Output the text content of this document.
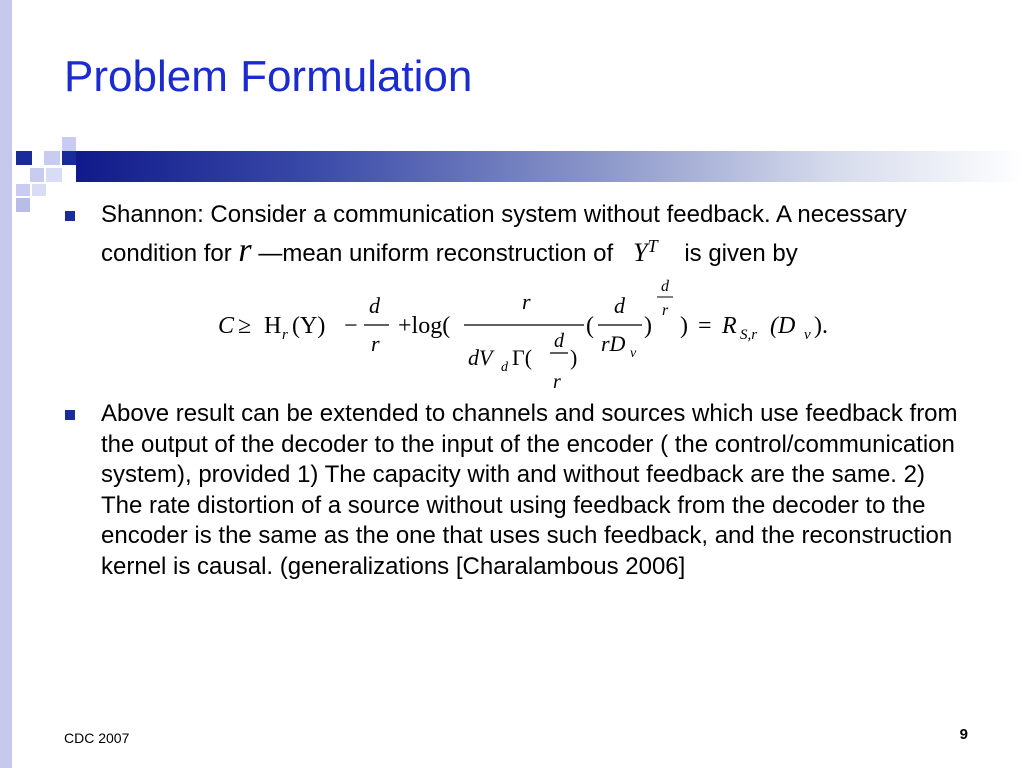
Problem Formulation
Shannon: Consider a communication system without feedback. A necessary condition for r —mean uniform reconstruction of $Y^T$ is given by
C ≥ H r (Y) −
d
r
+log(
r
dV d Γ(
d
r
)
(
d
rD v
)
d
r
) = R S,r (D v ).
Above result can be extended to channels and sources which use feedback from the output of the decoder to the input of the encoder ( the control/communication system), provided 1) The capacity with and without feedback are the same. 2) The rate distortion of a source without using feedback from the decoder to the encoder is the same as the one that uses such feedback, and the reconstruction kernel is causal. (generalizations [Charalambous 2006]
CDC 2007	9
